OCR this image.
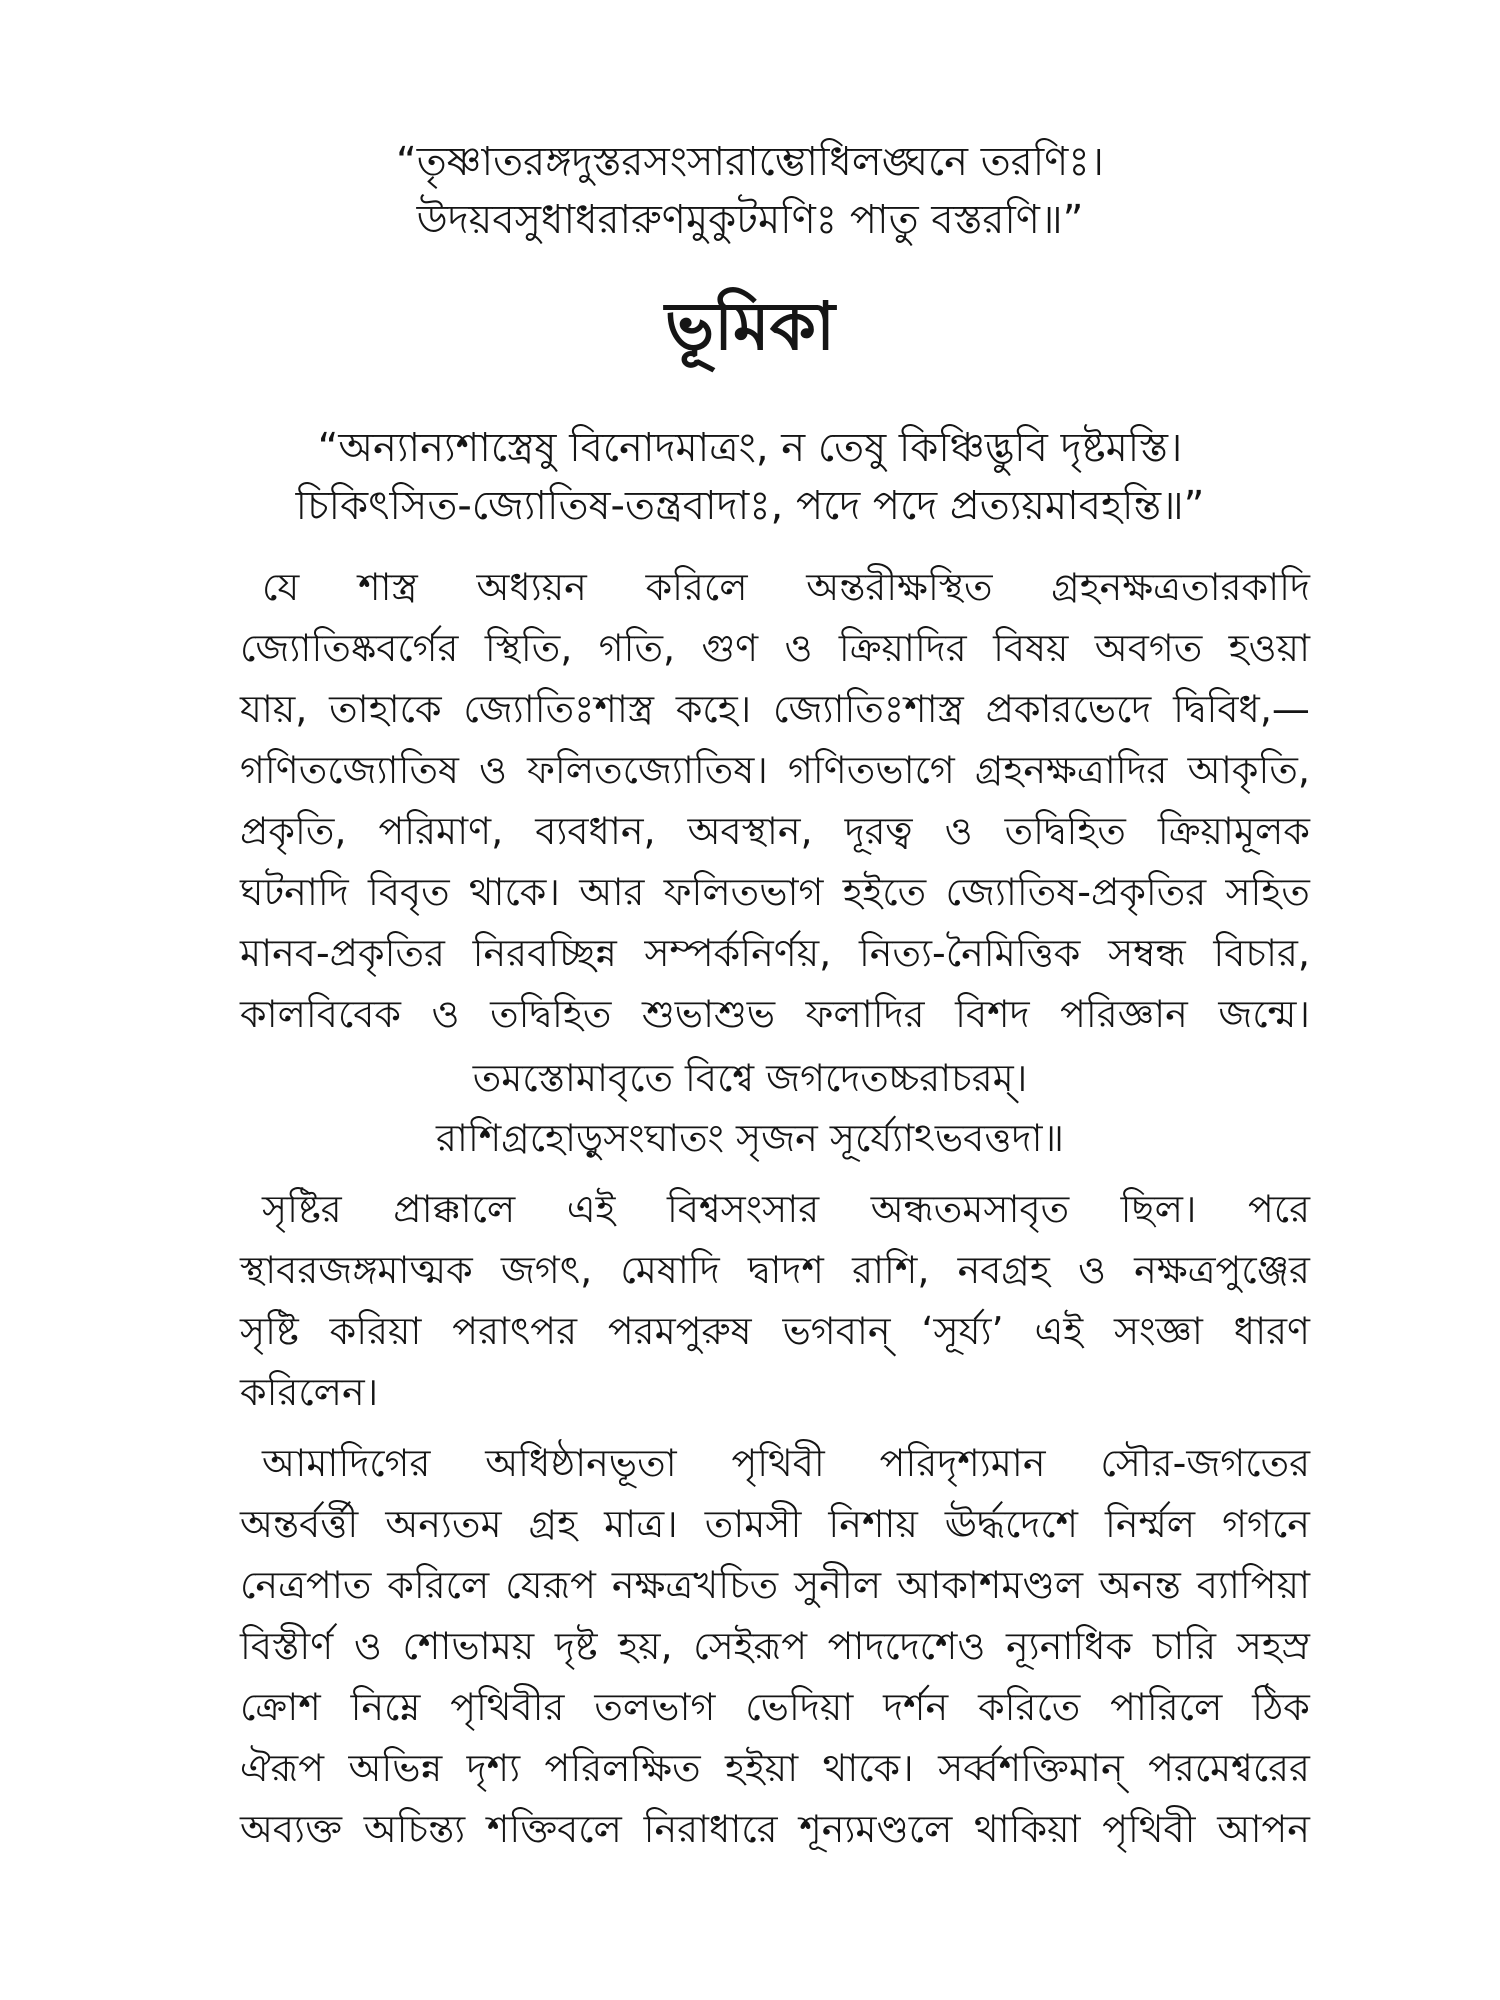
“তৃষ্ণাতরঙ্গদুস্তরসংসারাম্ভোধিলঙ্ঘনে তরণিঃ।
উদয়বসুধাধরারুণমুকুটমণিঃ পাতু বস্তরণি॥”
ভূমিকা
“অন্যান্যশাস্ত্রেষু বিনোদমাত্রং, ন তেষু কিঞ্চিদ্ভুবি দৃষ্টমস্তি।
চিকিৎসিত-জ্যোতিষ-তন্ত্রবাদাঃ, পদে পদে প্রত্যয়মাবহন্তি॥”
যে শাস্ত্র অধ্যয়ন করিলে অন্তরীক্ষস্থিত গ্রহনক্ষত্রতারকাদি
জ্যোতিষ্কবর্গের স্থিতি, গতি, গুণ ও ক্রিয়াদির বিষয় অবগত হওয়া
যায়, তাহাকে জ্যোতিঃশাস্ত্র কহে। জ্যোতিঃশাস্ত্র প্রকারভেদে দ্বিবিধ,—
গণিতজ্যোতিষ ও ফলিতজ্যোতিষ। গণিতভাগে গ্রহনক্ষত্রাদির আকৃতি,
প্রকৃতি, পরিমাণ, ব্যবধান, অবস্থান, দূরত্ব ও তদ্বিহিত ক্রিয়ামূলক
ঘটনাদি বিবৃত থাকে। আর ফলিতভাগ হইতে জ্যোতিষ-প্রকৃতির সহিত
মানব-প্রকৃতির নিরবচ্ছিন্ন সম্পর্কনির্ণয়, নিত্য-নৈমিত্তিক সম্বন্ধ বিচার,
কালবিবেক ও তদ্বিহিত শুভাশুভ ফলাদির বিশদ পরিজ্ঞান জন্মে।
তমস্তোমাবৃতে বিশ্বে জগদেতচ্চরাচরম্।
রাশিগ্রহোড়ুসংঘাতং সৃজন সূর্য্যোঽভবত্তদা॥
সৃষ্টির প্রাক্কালে এই বিশ্বসংসার অন্ধতমসাবৃত ছিল। পরে
স্থাবরজঙ্গমাত্মক জগৎ, মেষাদি দ্বাদশ রাশি, নবগ্রহ ও নক্ষত্রপুঞ্জের
সৃষ্টি করিয়া পরাৎপর পরমপুরুষ ভগবান্ ‘সূর্য্য’ এই সংজ্ঞা ধারণ
করিলেন।
আমাদিগের অধিষ্ঠানভূতা পৃথিবী পরিদৃশ্যমান সৌর-জগতের
অন্তর্বর্ত্তী অন্যতম গ্রহ মাত্র। তামসী নিশায় ঊর্দ্ধদেশে নির্ম্মল গগনে
নেত্রপাত করিলে যেরূপ নক্ষত্রখচিত সুনীল আকাশমণ্ডল অনন্ত ব্যাপিয়া
বিস্তীর্ণ ও শোভাময় দৃষ্ট হয়, সেইরূপ পাদদেশেও ন্যূনাধিক চারি সহস্র
ক্রোশ নিম্নে পৃথিবীর তলভাগ ভেদিয়া দর্শন করিতে পারিলে ঠিক
ঐরূপ অভিন্ন দৃশ্য পরিলক্ষিত হইয়া থাকে। সর্ব্বশক্তিমান্ পরমেশ্বরের
অব্যক্ত অচিন্ত্য শক্তিবলে নিরাধারে শূন্যমণ্ডলে থাকিয়া পৃথিবী আপন
